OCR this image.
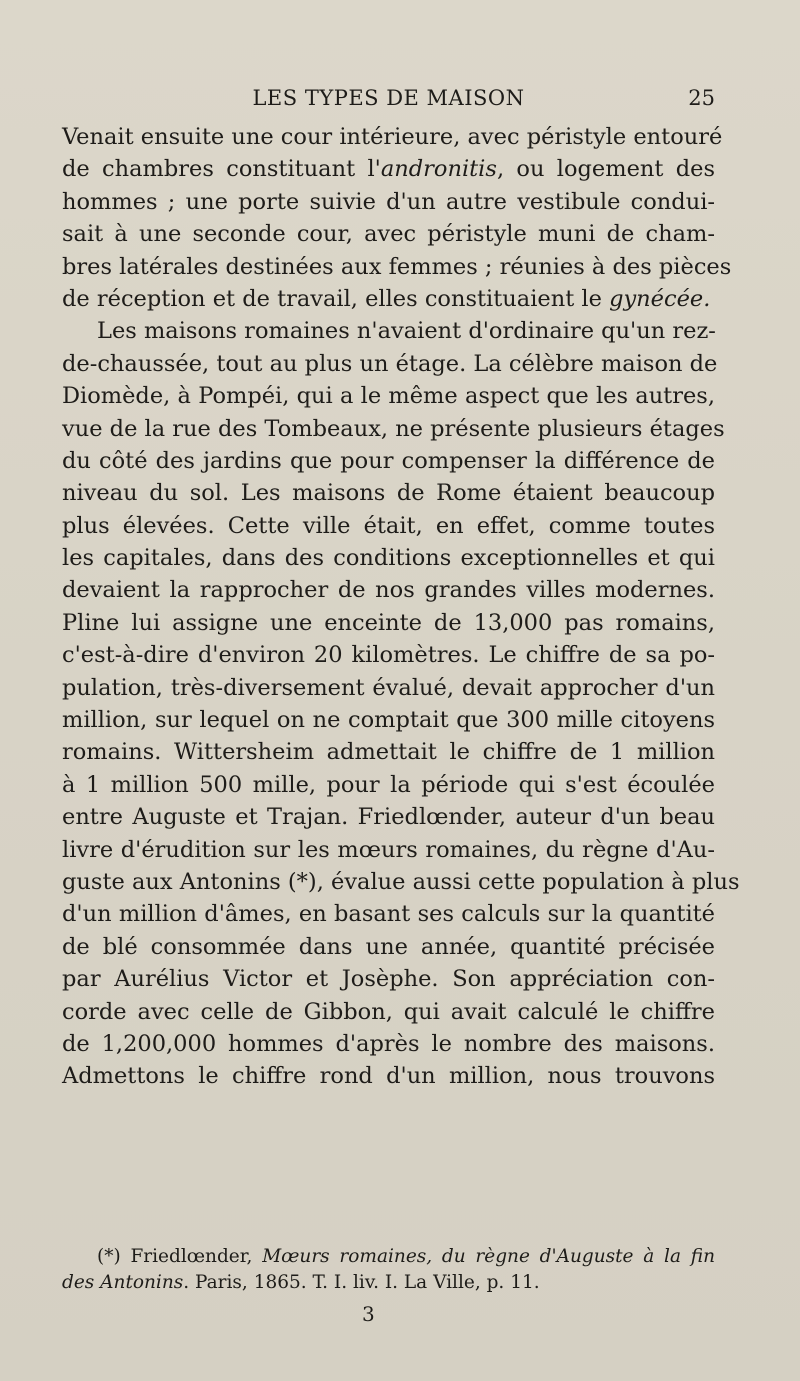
LES TYPES DE MAISON	25
Venait ensuite une cour intérieure, avec péristyle entouré
de chambres constituant l'andronitis, ou logement des
hommes ; une porte suivie d'un autre vestibule condui-
sait à une seconde cour, avec péristyle muni de cham-
bres latérales destinées aux femmes ; réunies à des pièces
de réception et de travail, elles constituaient le gynécée.
Les maisons romaines n'avaient d'ordinaire qu'un rez-
de-chaussée, tout au plus un étage. La célèbre maison de
Diomède, à Pompéi, qui a le même aspect que les autres,
vue de la rue des Tombeaux, ne présente plusieurs étages
du côté des jardins que pour compenser la différence de
niveau du sol. Les maisons de Rome étaient beaucoup
plus élevées. Cette ville était, en effet, comme toutes
les capitales, dans des conditions exceptionnelles et qui
devaient la rapprocher de nos grandes villes modernes.
Pline lui assigne une enceinte de 13,000 pas romains,
c'est-à-dire d'environ 20 kilomètres. Le chiffre de sa po-
pulation, très-diversement évalué, devait approcher d'un
million, sur lequel on ne comptait que 300 mille citoyens
romains. Wittersheim admettait le chiffre de 1 million
à 1 million 500 mille, pour la période qui s'est écoulée
entre Auguste et Trajan. Friedlœnder, auteur d'un beau
livre d'érudition sur les mœurs romaines, du règne d'Au-
guste aux Antonins (*), évalue aussi cette population à plus
d'un million d'âmes, en basant ses calculs sur la quantité
de blé consommée dans une année, quantité précisée
par Aurélius Victor et Josèphe. Son appréciation con-
corde avec celle de Gibbon, qui avait calculé le chiffre
de 1,200,000 hommes d'après le nombre des maisons.
Admettons le chiffre rond d'un million, nous trouvons
(*) Friedlœnder, Mœurs romaines, du règne d'Auguste à la fin
des Antonins. Paris, 1865. T. I. liv. I. La Ville, p. 11.
3
